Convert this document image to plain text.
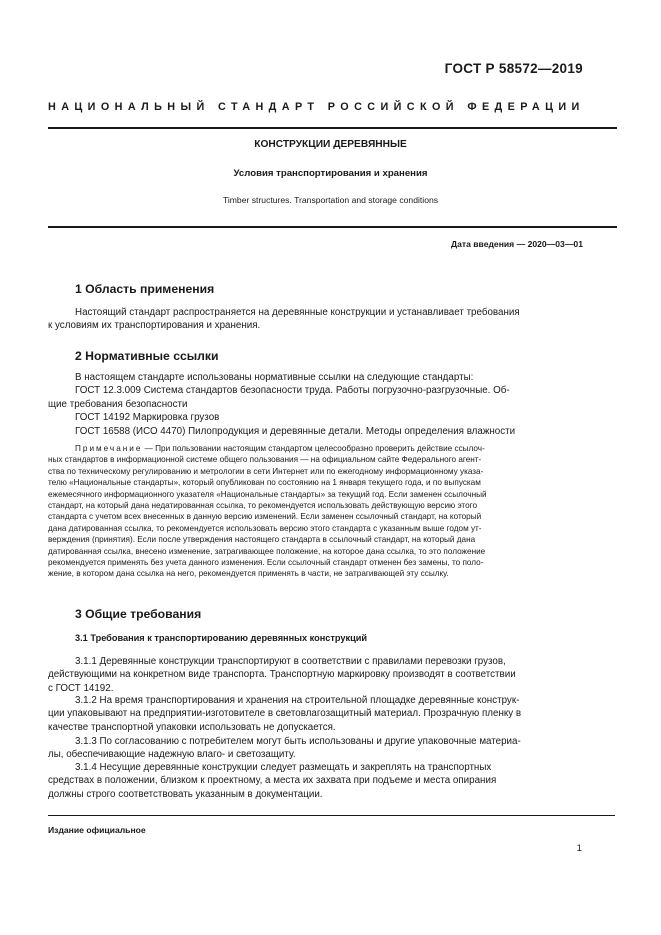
ГОСТ Р 58572—2019
НАЦИОНАЛЬНЫЙ СТАНДАРТ РОССИЙСКОЙ ФЕДЕРАЦИИ
КОНСТРУКЦИИ ДЕРЕВЯННЫЕ
Условия транспортирования и хранения
Timber structures. Transportation and storage conditions
Дата введения — 2020—03—01
1 Область применения
Настоящий стандарт распространяется на деревянные конструкции и устанавливает требования
к условиям их транспортирования и хранения.
2 Нормативные ссылки
В настоящем стандарте использованы нормативные ссылки на следующие стандарты:
ГОСТ 12.3.009 Система стандартов безопасности труда. Работы погрузочно-разгрузочные. Об-
щие требования безопасности
ГОСТ 14192 Маркировка грузов
ГОСТ 16588 (ИСО 4470) Пилопродукция и деревянные детали. Методы определения влажности
Примечание — При пользовании настоящим стандартом целесообразно проверить действие ссылоч-
ных стандартов в информационной системе общего пользования — на официальном сайте Федерального агент-
ства по техническому регулированию и метрологии в сети Интернет или по ежегодному информационному указа-
телю «Национальные стандарты», который опубликован по состоянию на 1 января текущего года, и по выпускам
ежемесячного информационного указателя «Национальные стандарты» за текущий год. Если заменен ссылочный
стандарт, на который дана недатированная ссылка, то рекомендуется использовать действующую версию этого
стандарта с учетом всех внесенных в данную версию изменений. Если заменен ссылочный стандарт, на который
дана датированная ссылка, то рекомендуется использовать версию этого стандарта с указанным выше годом ут-
верждения (принятия). Если после утверждения настоящего стандарта в ссылочный стандарт, на который дана
датированная ссылка, внесено изменение, затрагивающее положение, на которое дана ссылка, то это положение
рекомендуется применять без учета данного изменения. Если ссылочный стандарт отменен без замены, то поло-
жение, в котором дана ссылка на него, рекомендуется применять в части, не затрагивающей эту ссылку.
3 Общие требования
3.1 Требования к транспортированию деревянных конструкций
3.1.1 Деревянные конструкции транспортируют в соответствии с правилами перевозки грузов,
действующими на конкретном виде транспорта. Транспортную маркировку производят в соответствии
с ГОСТ 14192.
3.1.2 На время транспортирования и хранения на строительной площадке деревянные конструк-
ции упаковывают на предприятии-изготовителе в световлагозащитный материал. Прозрачную пленку в
качестве транспортной упаковки использовать не допускается.
3.1.3 По согласованию с потребителем могут быть использованы и другие упаковочные материа-
лы, обеспечивающие надежную влаго- и светозащиту.
3.1.4 Несущие деревянные конструкции следует размещать и закреплять на транспортных
средствах в положении, близком к проектному, а места их захвата при подъеме и места опирания
должны строго соответствовать указанным в документации.
Издание официальное
1
